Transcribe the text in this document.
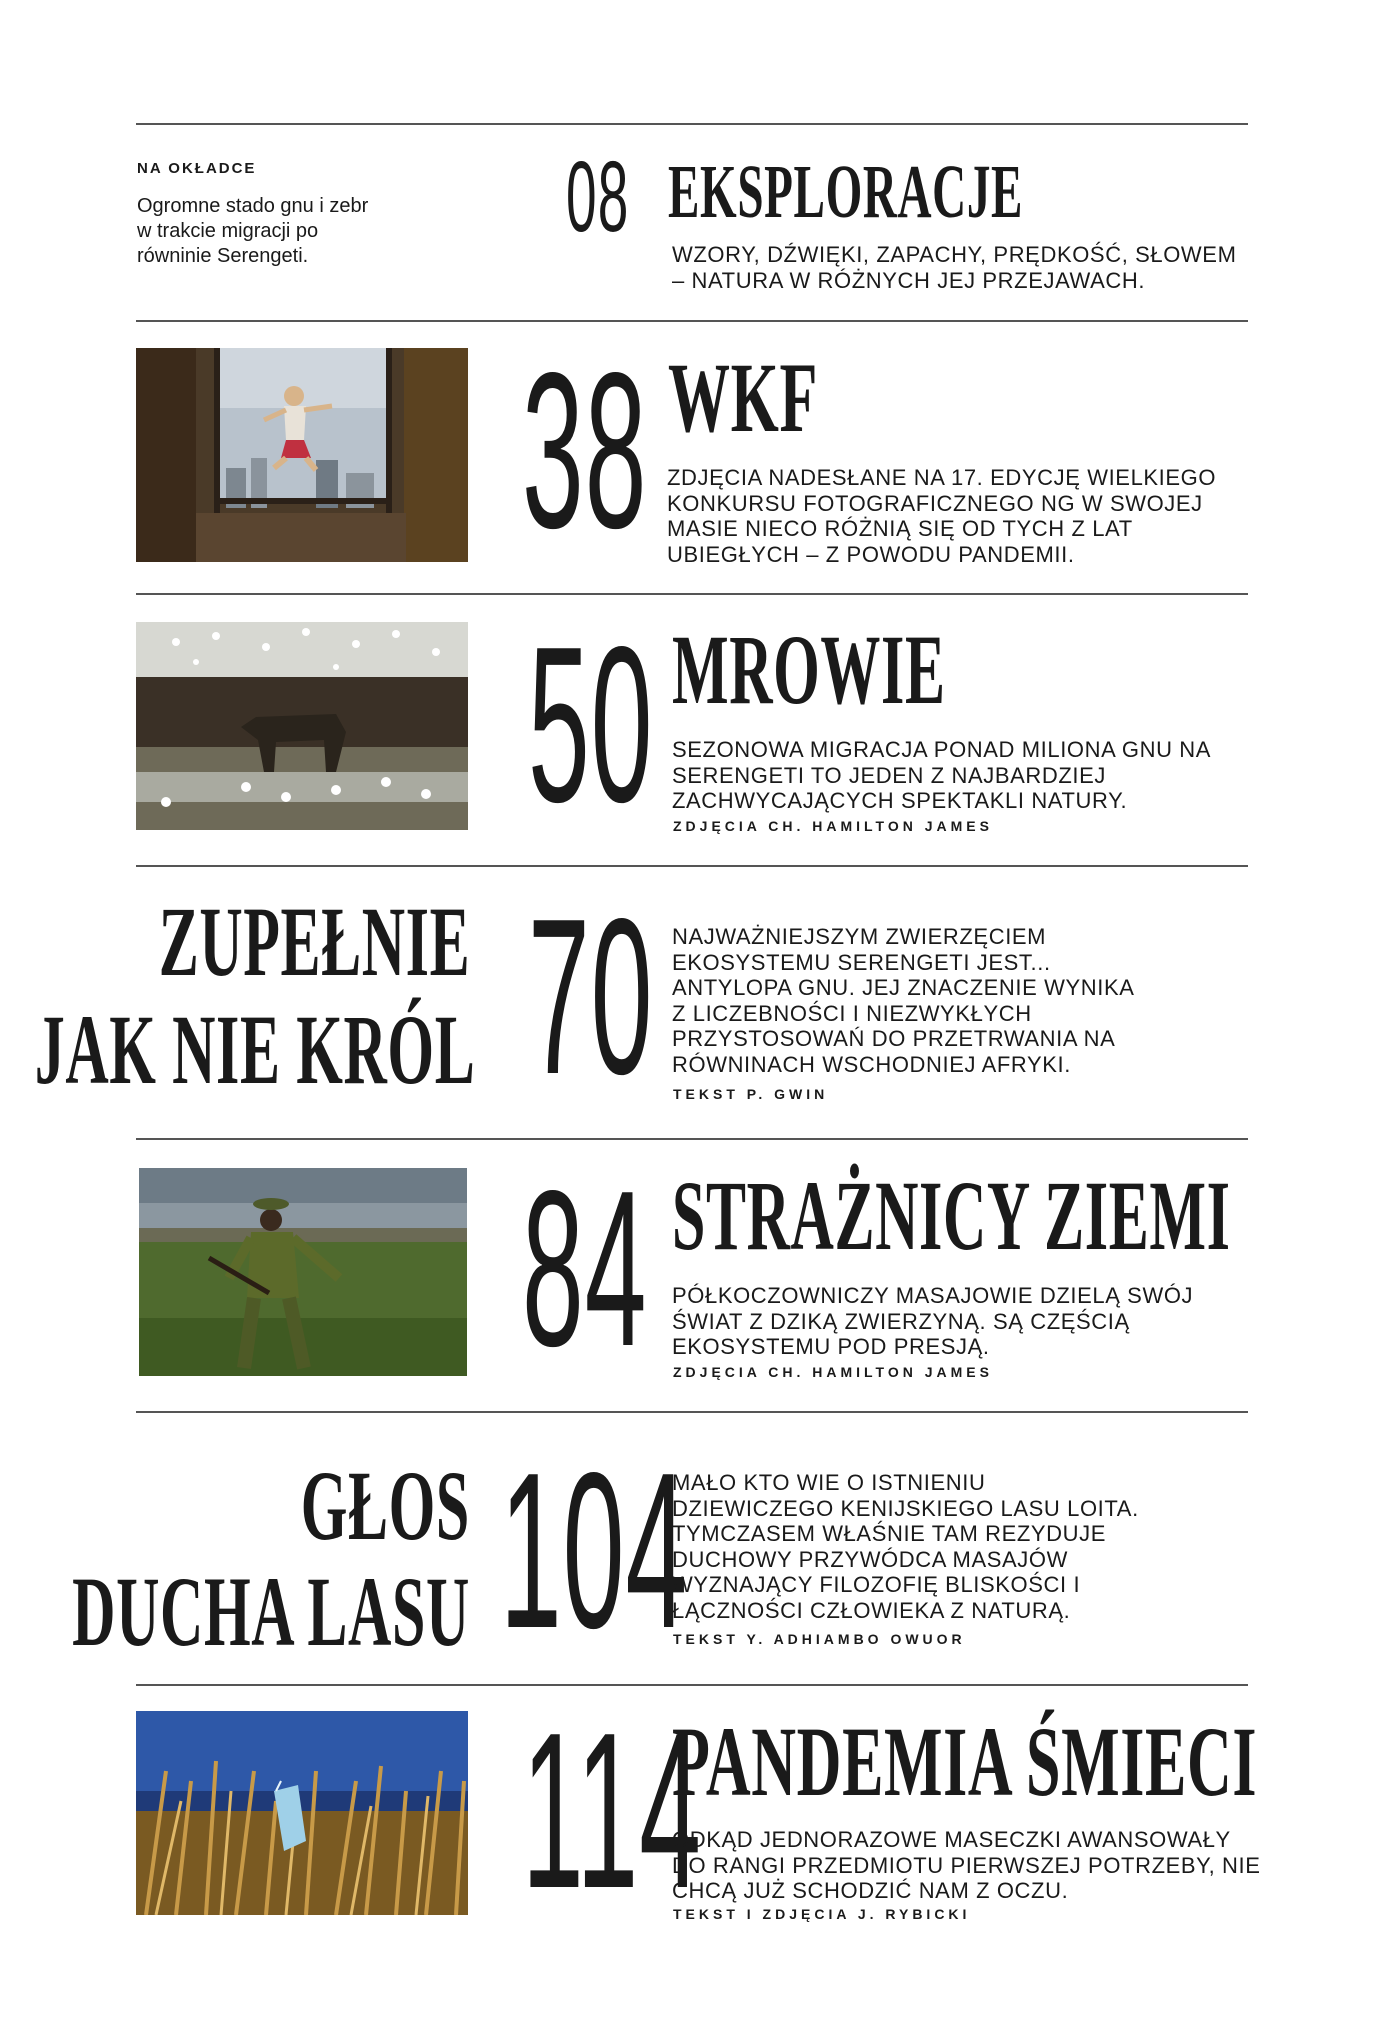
NA OKŁADCE
Ogromne stado gnu i zebr w trakcie migracji po równinie Serengeti.
08 EKSPLORACJE
WZORY, DŹWIĘKI, ZAPACHY, PRĘDKOŚĆ, SŁOWEM – NATURA W RÓŻNYCH JEJ PRZEJAWACH.
38 WKF
ZDJĘCIA NADESŁANE NA 17. EDYCJĘ WIELKIEGO KONKURSU FOTOGRAFICZNEGO NG W SWOJEJ MASIE NIECO RÓŻNIĄ SIĘ OD TYCH Z LAT UBIEGŁYCH – Z POWODU PANDEMII.
50 MROWIE
SEZONOWA MIGRACJA PONAD MILIONA GNU NA SERENGETI TO JEDEN Z NAJBARDZIEJ ZACHWYCAJĄCYCH SPEKTAKLI NATURY.
ZDJĘCIA CH. HAMILTON JAMES
ZUPEŁNIE
JAK NIE KRÓL 70 NAJWAŻNIEJSZYM ZWIERZĘCIEM EKOSYSTEMU SERENGETI JEST... ANTYLOPA GNU. JEJ ZNACZENIE WYNIKA Z LICZEBNOŚCI I NIEZWYKŁYCH PRZYSTOSOWAŃ DO PRZETRWANIA NA RÓWNINACH WSCHODNIEJ AFRYKI.
TEKST P. GWIN
84 STRAŻNICY ZIEMI
PÓŁKOCZOWNICZY MASAJOWIE DZIELĄ SWÓJ ŚWIAT Z DZIKĄ ZWIERZYNĄ. SĄ CZĘŚCIĄ EKOSYSTEMU POD PRESJĄ.
ZDJĘCIA CH. HAMILTON JAMES
GŁOS
DUCHA LASU 104
MAŁO KTO WIE O ISTNIENIU DZIEWICZEGO KENIJSKIEGO LASU LOITA. TYMCZASEM WŁAŚNIE TAM REZYDUJE DUCHOWY PRZYWÓDCA MASAJÓW WYZNAJĄCY FILOZOFIĘ BLISKOŚCI I ŁĄCZNOŚCI CZŁOWIEKA Z NATURĄ.
TEKST Y. ADHIAMBO OWUOR
114
PANDEMIA ŚMIECI
ODKĄD JEDNORAZOWE MASECZKI AWANSOWAŁY DO RANGI PRZEDMIOTU PIERWSZEJ POTRZEBY, NIE CHCĄ JUŻ SCHODZIĆ NAM Z OCZU.
TEKST I ZDJĘCIA J. RYBICKI
